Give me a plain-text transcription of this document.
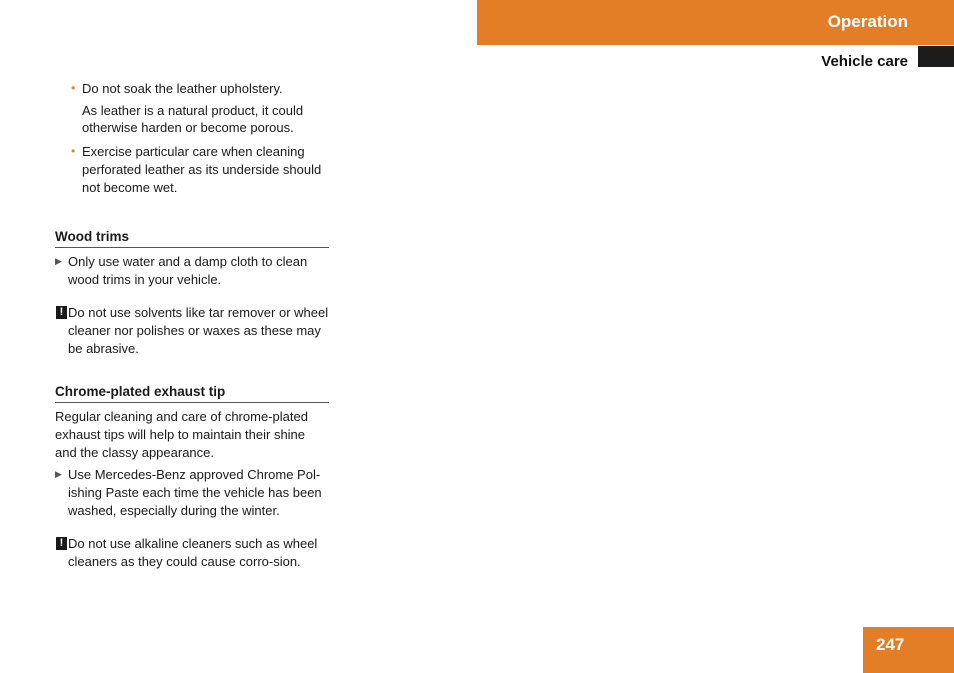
Operation
Vehicle care
• Do not soak the leather upholstery.
As leather is a natural product, it could otherwise harden or become porous.
• Exercise particular care when cleaning perforated leather as its underside should not become wet.
Wood trims
▶ Only use water and a damp cloth to clean wood trims in your vehicle.
! Do not use solvents like tar remover or wheel cleaner nor polishes or waxes as these may be abrasive.
Chrome-plated exhaust tip

Regular cleaning and care of chrome-plated exhaust tips will help to maintain their shine and the classy appearance.

▶ Use Mercedes-Benz approved Chrome Pol-ishing Paste each time the vehicle has been washed, especially during the winter.
! Do not use alkaline cleaners such as wheel cleaners as they could cause corro-sion.
247
